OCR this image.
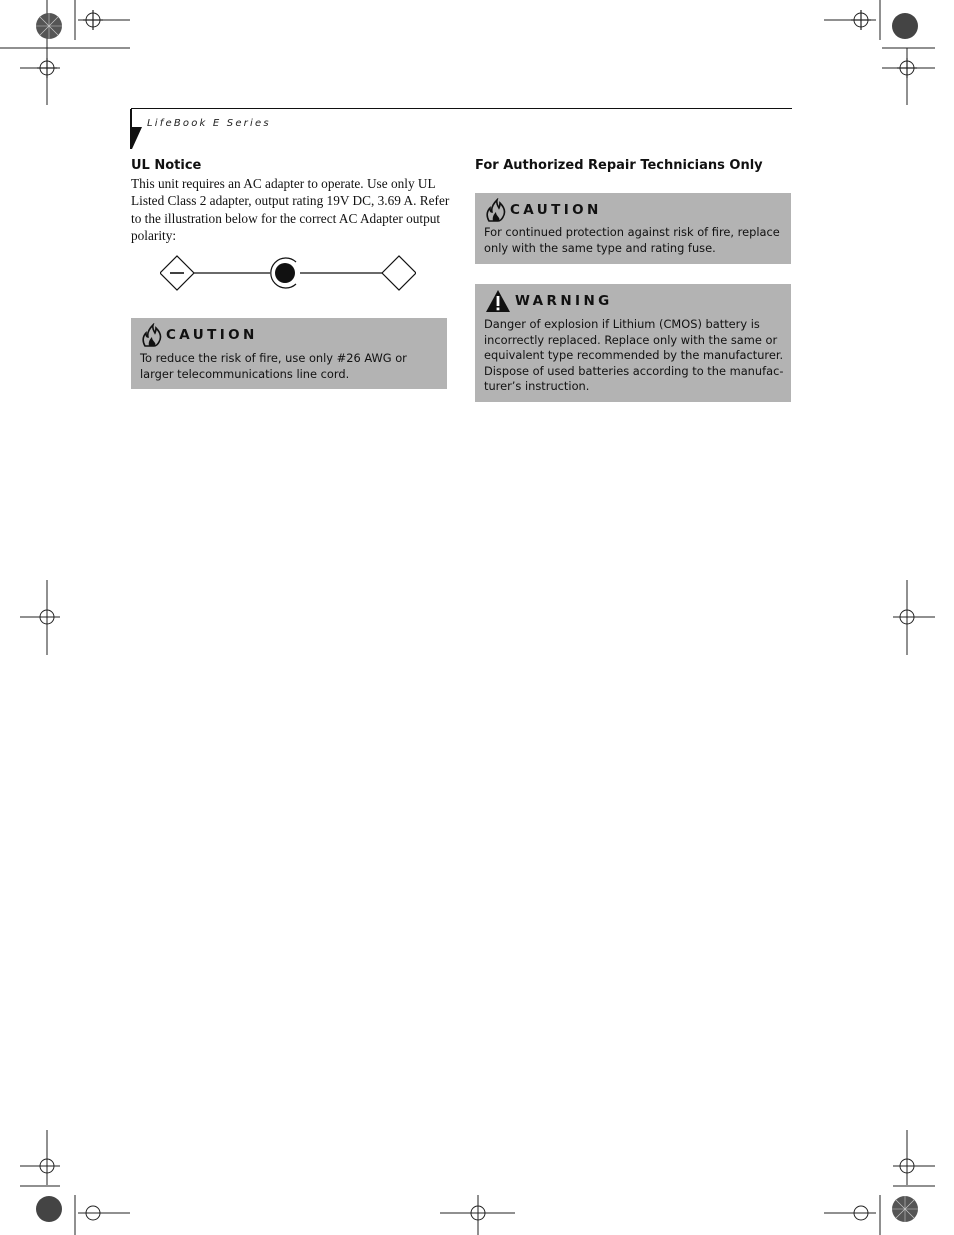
LifeBook E Series
UL Notice
This unit requires an AC adapter to operate. Use only UL Listed Class 2 adapter, output rating 19V DC, 3.69 A. Refer to the illustration below for the correct AC Adapter output polarity:
CAUTION
To reduce the risk of fire, use only #26 AWG or larger telecommunications line cord.
For Authorized Repair Technicians Only
CAUTION
For continued protection against risk of fire, replace only with the same type and rating fuse.
WARNING
Danger of explosion if Lithium (CMOS) battery is incorrectly replaced. Replace only with the same or equivalent type recommended by the manufacturer. Dispose of used batteries according to the manufac-turer’s instruction.
